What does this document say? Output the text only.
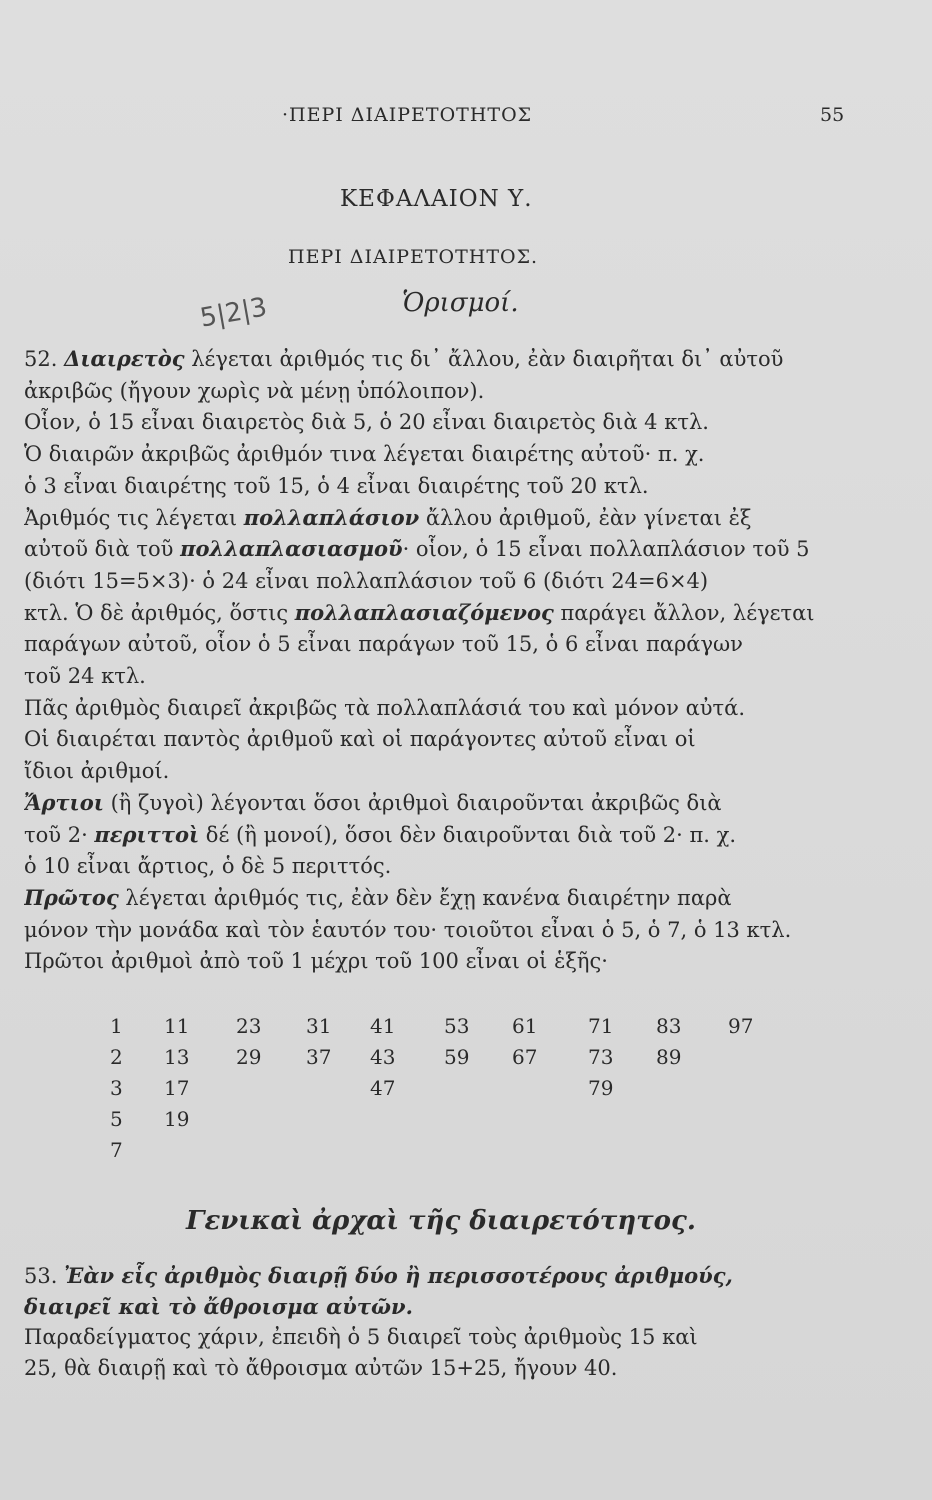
·ΠΕΡΙ ΔΙΑΙΡΕΤΟΤΗΤΟΣ	55
ΚΕΦΑΛΑΙΟΝ Υ.
ΠΕΡΙ ΔΙΑΙΡΕΤΟΤΗΤΟΣ.
5|2|3	Ὁρισμοί.
52. Διαιρετὸς λέγεται ἀριθμός τις δι᾽ ἄλλου, ἐὰν διαιρῆται δι᾽ αὐτοῦ
ἀκριβῶς (ἤγουν χωρὶς νὰ μένῃ ὑπόλοιπον).
Οἷον, ὁ 15 εἶναι διαιρετὸς διὰ 5, ὁ 20 εἶναι διαιρετὸς διὰ 4 κτλ.
Ὁ διαιρῶν ἀκριβῶς ἀριθμόν τινα λέγεται διαιρέτης αὐτοῦ· π. χ.
ὁ 3 εἶναι διαιρέτης τοῦ 15, ὁ 4 εἶναι διαιρέτης τοῦ 20 κτλ.
Ἀριθμός τις λέγεται πολλαπλάσιον ἄλλου ἀριθμοῦ, ἐὰν γίνεται ἐξ
αὐτοῦ διὰ τοῦ πολλαπλασιασμοῦ· οἷον, ὁ 15 εἶναι πολλαπλάσιον τοῦ 5
(διότι 15=5×3)· ὁ 24 εἶναι πολλαπλάσιον τοῦ 6 (διότι 24=6×4)
κτλ. Ὁ δὲ ἀριθμός, ὅστις πολλαπλασιαζόμενος παράγει ἄλλον, λέγεται
παράγων αὐτοῦ, οἷον ὁ 5 εἶναι παράγων τοῦ 15, ὁ 6 εἶναι παράγων
τοῦ 24 κτλ.
Πᾶς ἀριθμὸς διαιρεῖ ἀκριβῶς τὰ πολλαπλάσιά του καὶ μόνον αὐτά.
Οἱ διαιρέται παντὸς ἀριθμοῦ καὶ οἱ παράγοντες αὐτοῦ εἶναι οἱ
ἴδιοι ἀριθμοί.
Ἄρτιοι (ἢ ζυγοὶ) λέγονται ὅσοι ἀριθμοὶ διαιροῦνται ἀκριβῶς διὰ
τοῦ 2· περιττοὶ δέ (ἢ μονοί), ὅσοι δὲν διαιροῦνται διὰ τοῦ 2· π. χ.
ὁ 10 εἶναι ἄρτιος, ὁ δὲ 5 περιττός.
Πρῶτος λέγεται ἀριθμός τις, ἐὰν δὲν ἔχῃ κανένα διαιρέτην παρὰ
μόνον τὴν μονάδα καὶ τὸν ἑαυτόν του· τοιοῦτοι εἶναι ὁ 5, ὁ 7, ὁ 13 κτλ.
Πρῶτοι ἀριθμοὶ ἀπὸ τοῦ 1 μέχρι τοῦ 100 εἶναι οἱ ἑξῆς·
1 11 23 31 41 53 61	71 83 97
2 13 29 37 43 59 67	73 89
3 17	47	79
5 19
7
Γενικαὶ ἀρχαὶ τῆς διαιρετότητος.
53. Ἐὰν εἷς ἀριθμὸς διαιρῇ δύο ἢ περισσοτέρους ἀριθμούς,
διαιρεῖ καὶ τὸ ἄθροισμα αὐτῶν.
Παραδείγματος χάριν, ἐπειδὴ ὁ 5 διαιρεῖ τοὺς ἀριθμοὺς 15 καὶ
25, θὰ διαιρῇ καὶ τὸ ἄθροισμα αὐτῶν 15+25, ἤγουν 40.
